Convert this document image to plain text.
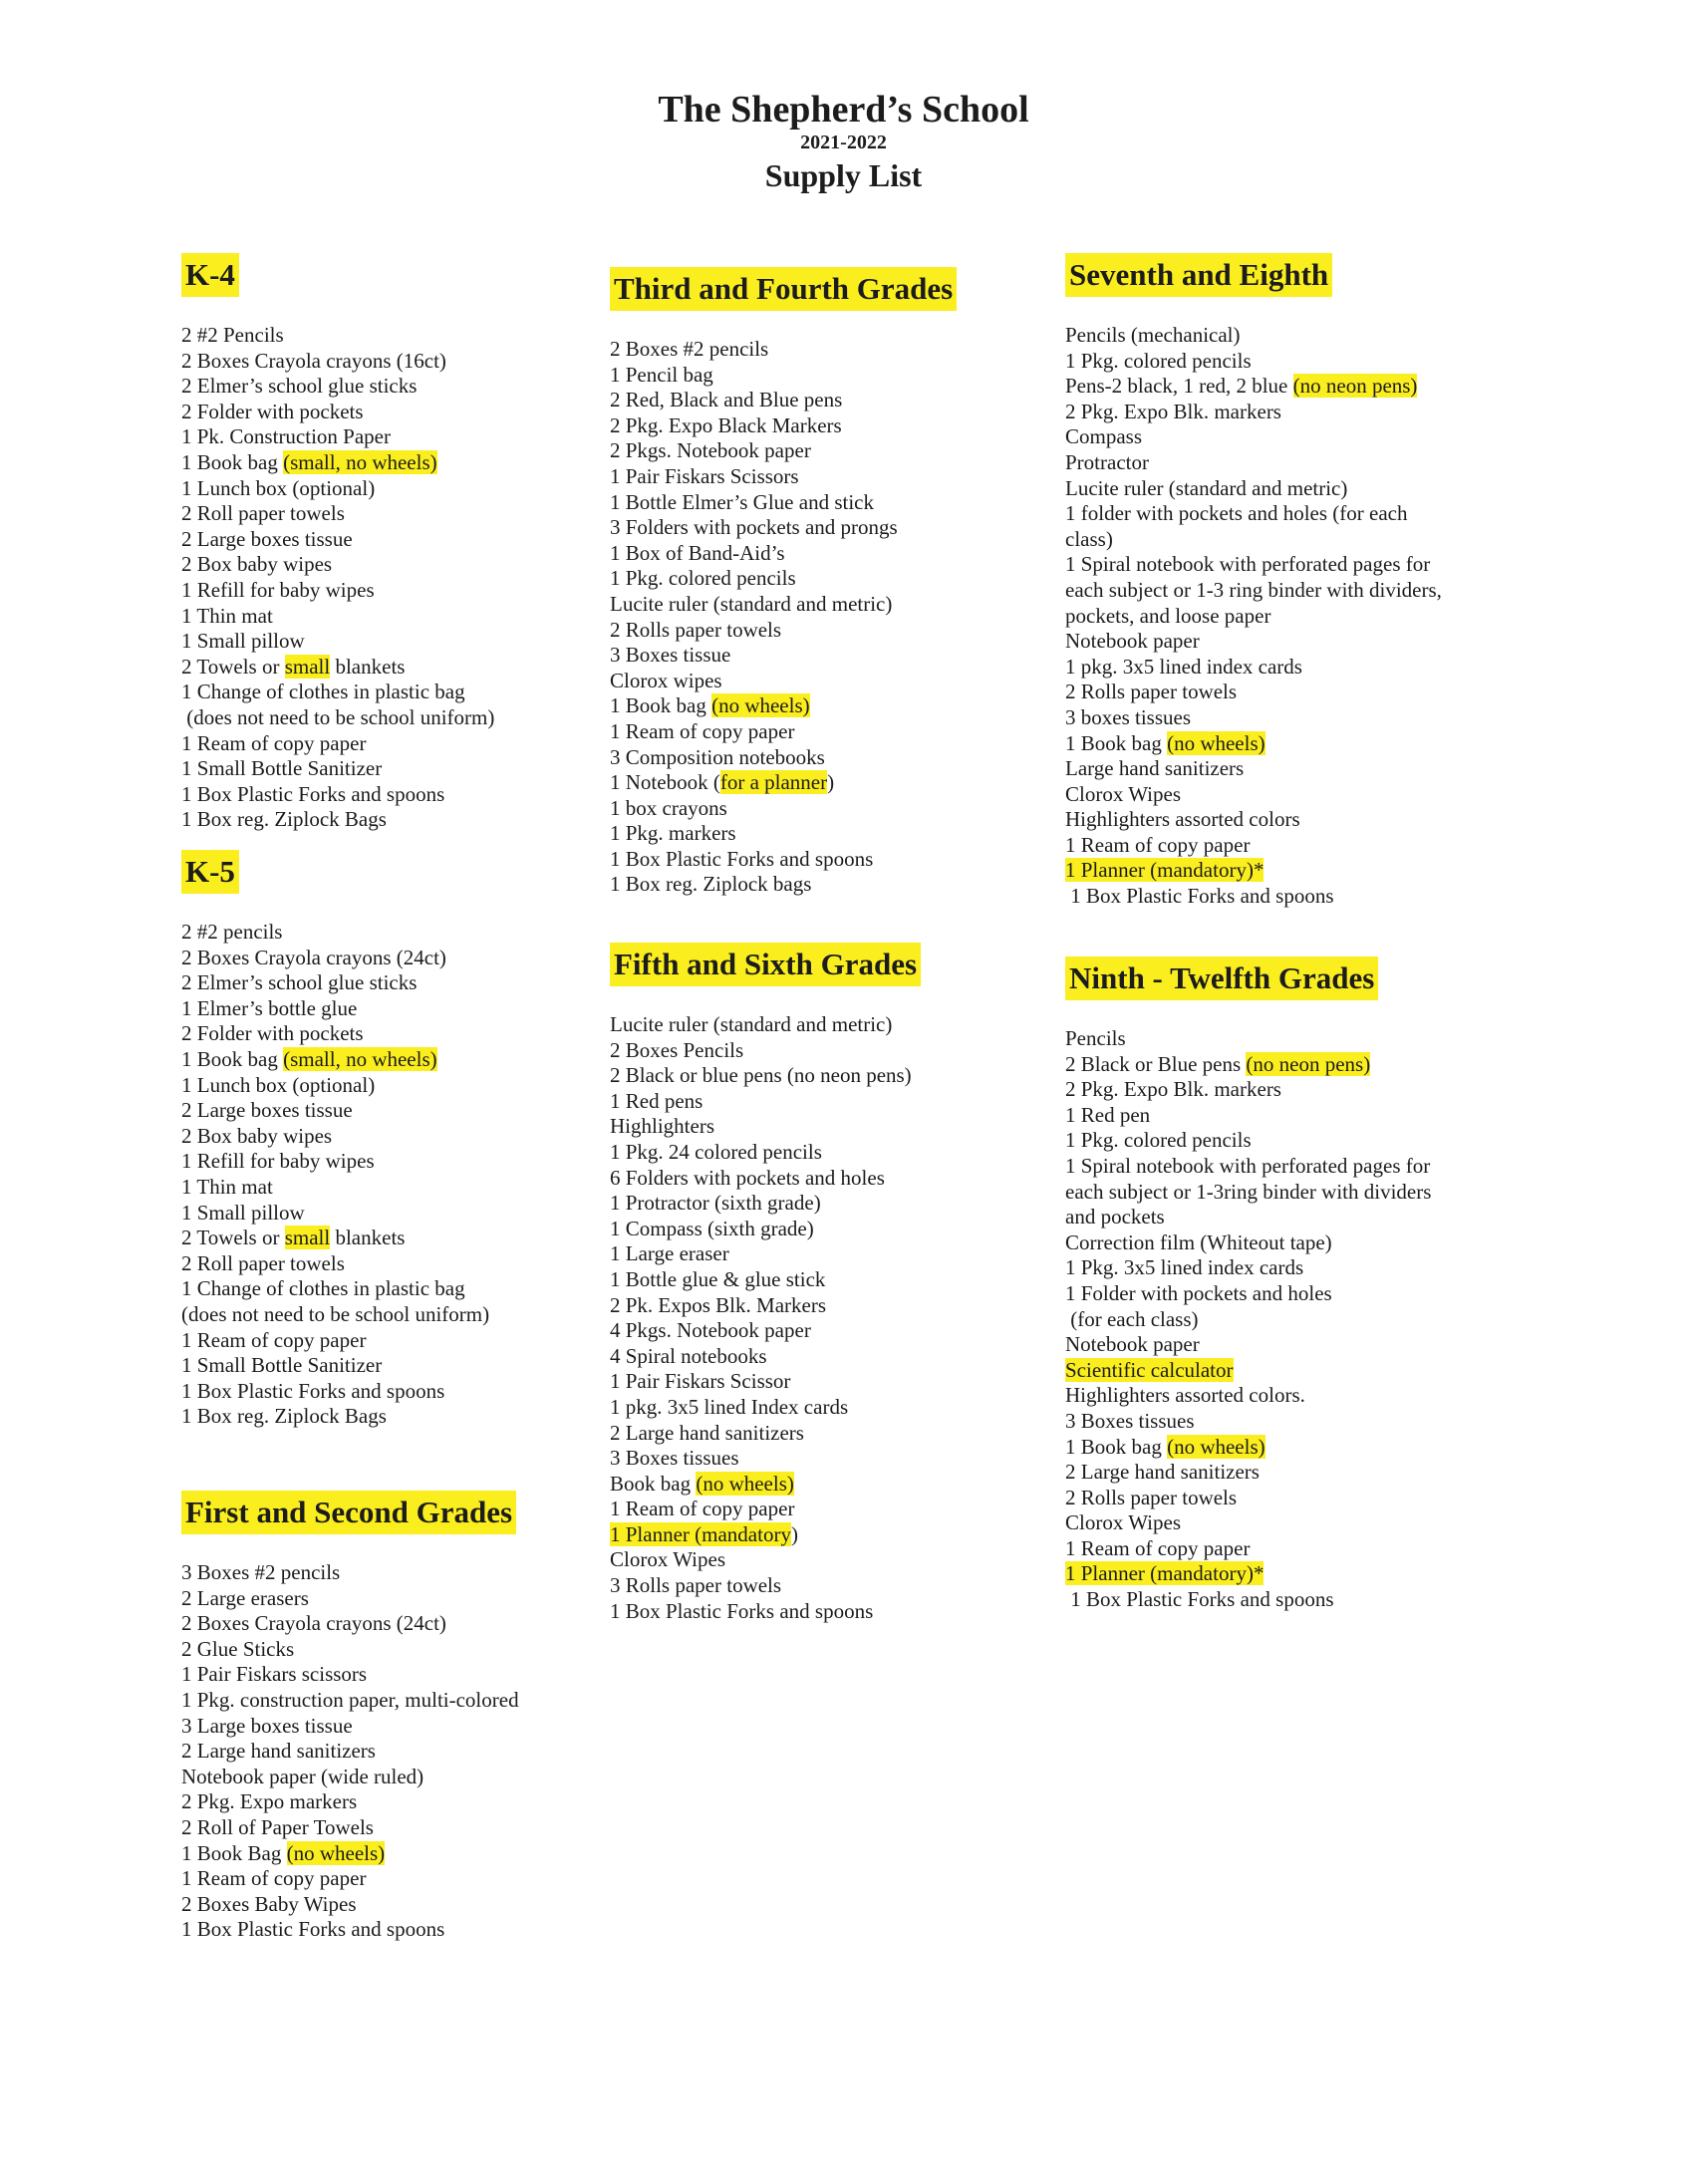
The Shepherd’s School
2021-2022
Supply List
K-4
2 #2 Pencils
2 Boxes Crayola crayons (16ct)
2 Elmer’s school glue sticks
2 Folder with pockets
1 Pk. Construction Paper
1 Book bag (small, no wheels)
1 Lunch box (optional)
2 Roll paper towels
2 Large boxes tissue
2 Box baby wipes
1 Refill for baby wipes
1 Thin mat
1 Small pillow
2 Towels or small blankets
1 Change of clothes in plastic bag
(does not need to be school uniform)
1 Ream of copy paper
1 Small Bottle Sanitizer
1 Box Plastic Forks and spoons
1 Box reg. Ziplock Bags
K-5
2 #2 pencils
2 Boxes Crayola crayons (24ct)
2 Elmer’s school glue sticks
1 Elmer’s bottle glue
2 Folder with pockets
1 Book bag (small, no wheels)
1 Lunch box (optional)
2 Large boxes tissue
2 Box baby wipes
1 Refill for baby wipes
1 Thin mat
1 Small pillow
2 Towels or small blankets
2 Roll paper towels
1 Change of clothes in plastic bag
(does not need to be school uniform)
1 Ream of copy paper
1 Small Bottle Sanitizer
1 Box Plastic Forks and spoons
1 Box reg. Ziplock Bags
First and Second Grades
3 Boxes #2 pencils
2 Large erasers
2 Boxes Crayola crayons (24ct)
2 Glue Sticks
1 Pair Fiskars scissors
1 Pkg. construction paper, multi-colored
3 Large boxes tissue
2 Large hand sanitizers
Notebook paper (wide ruled)
2 Pkg. Expo markers
2 Roll of Paper Towels
1 Book Bag (no wheels)
1 Ream of copy paper
2 Boxes Baby Wipes
1 Box Plastic Forks and spoons
Third and Fourth Grades
2 Boxes #2 pencils
1 Pencil bag
2 Red, Black and Blue pens
2 Pkg. Expo Black Markers
2 Pkgs. Notebook paper
1 Pair Fiskars Scissors
1 Bottle Elmer’s Glue and stick
3 Folders with pockets and prongs
1 Box of Band-Aid’s
1 Pkg. colored pencils
Lucite ruler (standard and metric)
2 Rolls paper towels
3 Boxes tissue
Clorox wipes
1 Book bag (no wheels)
1 Ream of copy paper
3 Composition notebooks
1 Notebook (for a planner)
1 box crayons
1 Pkg. markers
1 Box Plastic Forks and spoons
1 Box reg. Ziplock bags
Fifth and Sixth Grades
Lucite ruler (standard and metric)
2 Boxes Pencils
2 Black or blue pens (no neon pens)
1 Red pens
Highlighters
1 Pkg. 24 colored pencils
6 Folders with pockets and holes
1 Protractor (sixth grade)
1 Compass (sixth grade)
1 Large eraser
1 Bottle glue & glue stick
2 Pk. Expos Blk. Markers
4 Pkgs. Notebook paper
4 Spiral notebooks
1 Pair Fiskars Scissor
1 pkg. 3x5 lined Index cards
2 Large hand sanitizers
3 Boxes tissues
Book bag (no wheels)
1 Ream of copy paper
1 Planner (mandatory)
Clorox Wipes
3 Rolls paper towels
1 Box Plastic Forks and spoons
Seventh and Eighth
Pencils (mechanical)
1 Pkg. colored pencils
Pens-2 black, 1 red, 2 blue (no neon pens)
2 Pkg. Expo Blk. markers
Compass
Protractor
Lucite ruler (standard and metric)
1 folder with pockets and holes (for each
class)
1 Spiral notebook with perforated pages for
each subject or 1-3 ring binder with dividers,
pockets, and loose paper
Notebook paper
1 pkg. 3x5 lined index cards
2 Rolls paper towels
3 boxes tissues
1 Book bag (no wheels)
Large hand sanitizers
Clorox Wipes
Highlighters assorted colors
1 Ream of copy paper
1 Planner (mandatory)*
1 Box Plastic Forks and spoons
Ninth - Twelfth Grades
Pencils
2 Black or Blue pens (no neon pens)
2 Pkg. Expo Blk. markers
1 Red pen
1 Pkg. colored pencils
1 Spiral notebook with perforated pages for
each subject or 1-3ring binder with dividers
and pockets
Correction film (Whiteout tape)
1 Pkg. 3x5 lined index cards
1 Folder with pockets and holes
(for each class)
Notebook paper
Scientific calculator
Highlighters assorted colors.
3 Boxes tissues
1 Book bag (no wheels)
2 Large hand sanitizers
2 Rolls paper towels
Clorox Wipes
1 Ream of copy paper
1 Planner (mandatory)*
1 Box Plastic Forks and spoons
